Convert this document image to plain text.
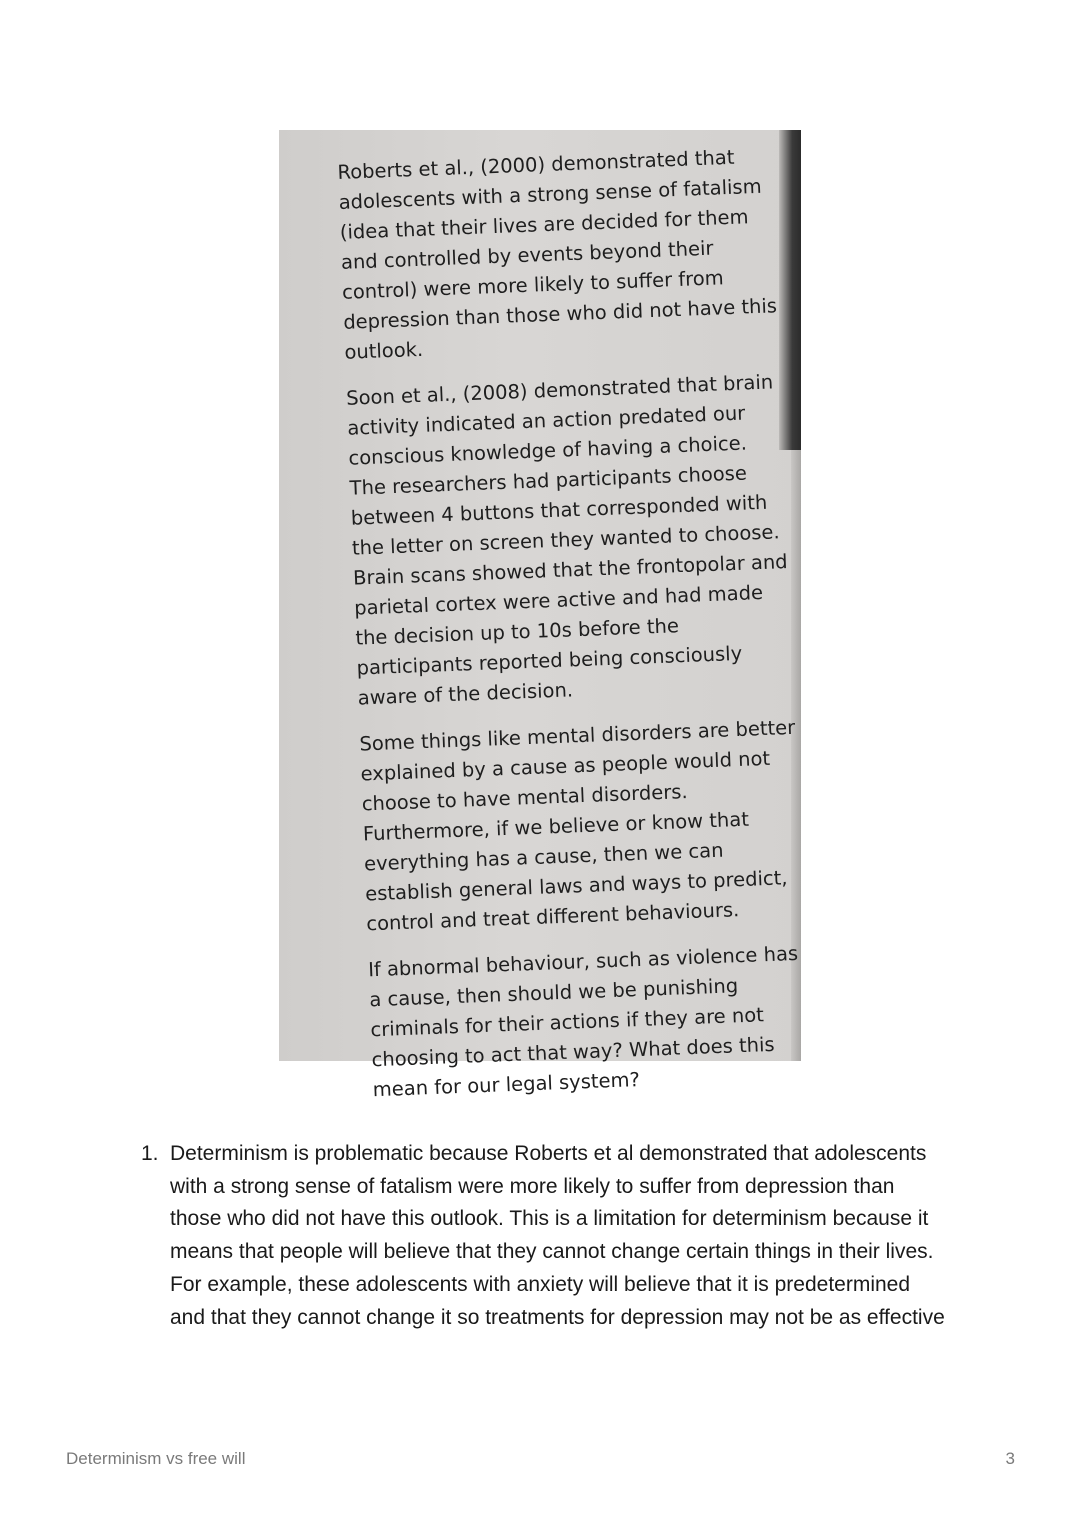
Roberts et al., (2000) demonstrated that adolescents with a strong sense of fatalism (idea that their lives are decided for them and controlled by events beyond their control) were more likely to suffer from depression than those who did not have this outlook.

Soon et al., (2008) demonstrated that brain activity indicated an action predated our conscious knowledge of having a choice. The researchers had participants choose between 4 buttons that corresponded with the letter on screen they wanted to choose. Brain scans showed that the frontopolar and parietal cortex were active and had made the decision up to 10s before the participants reported being consciously aware of the decision.

Some things like mental disorders are better explained by a cause as people would not choose to have mental disorders. Furthermore, if we believe or know that everything has a cause, then we can establish general laws and ways to predict, control and treat different behaviours.

If abnormal behaviour, such as violence has a cause, then should we be punishing criminals for their actions if they are not choosing to act that way? What does this mean for our legal system?

1. Determinism is problematic because Roberts et al demonstrated that adolescents with a strong sense of fatalism were more likely to suffer from depression than those who did not have this outlook. This is a limitation for determinism because it means that people will believe that they cannot change certain things in their lives. For example, these adolescents with anxiety will believe that it is predetermined and that they cannot change it so treatments for depression may not be as effective
Determinism vs free will	3
